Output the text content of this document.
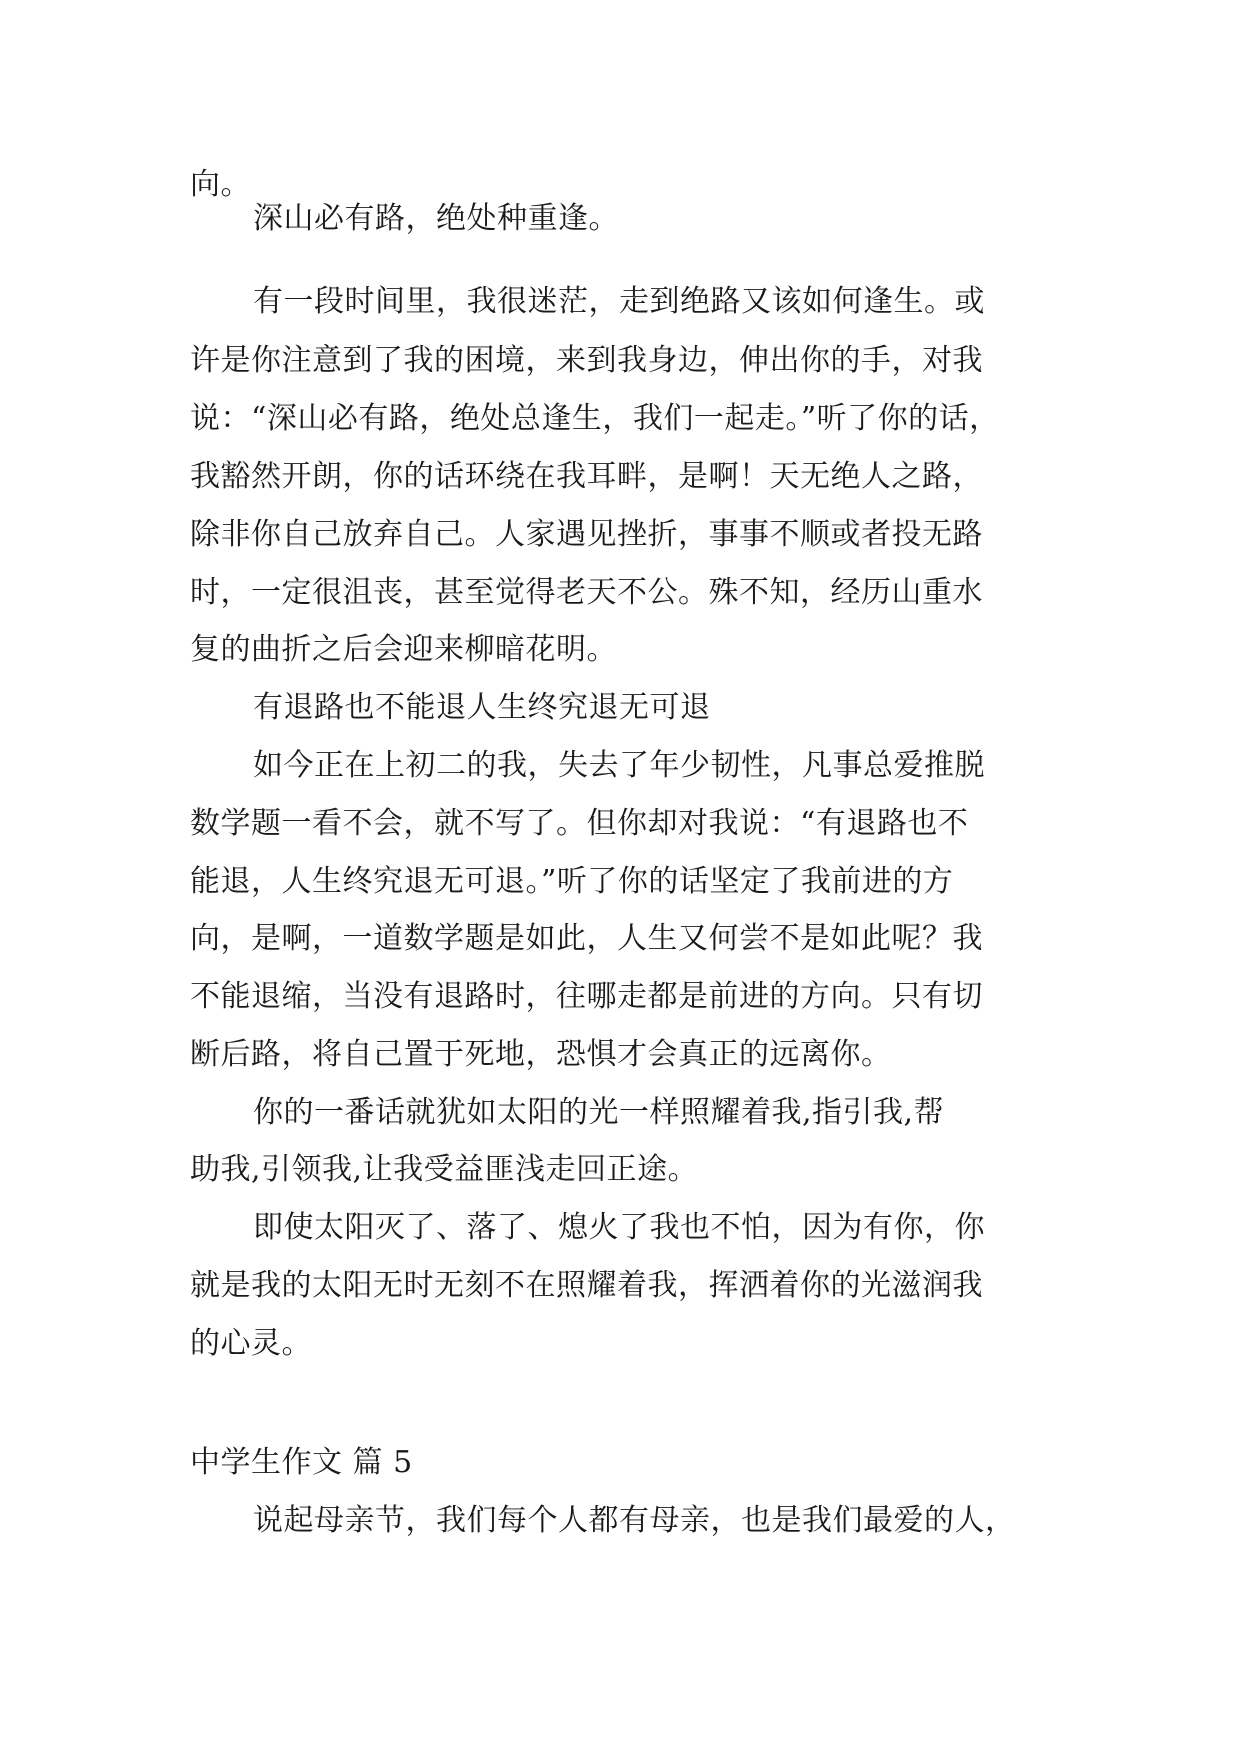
向。

深山必有路，绝处种重逢。

有一段时间里，我很迷茫，走到绝路又该如何逢生。或

许是你注意到了我的困境，来到我身边，伸出你的手，对我

说：“深山必有路，绝处总逢生，我们一起走。”听了你的话，

我豁然开朗，你的话环绕在我耳畔，是啊！天无绝人之路，

除非你自己放弃自己。人家遇见挫折，事事不顺或者投无路

时，一定很沮丧，甚至觉得老天不公。殊不知，经历山重水

复的曲折之后会迎来柳暗花明。

有退路也不能退人生终究退无可退

如今正在上初二的我，失去了年少韧性，凡事总爱推脱

数学题一看不会，就不写了。但你却对我说：“有退路也不

能退，人生终究退无可退。”听了你的话坚定了我前进的方

向，是啊，一道数学题是如此，人生又何尝不是如此呢？我

不能退缩，当没有退路时，往哪走都是前进的方向。只有切

断后路，将自己置于死地，恐惧才会真正的远离你。

你的一番话就犹如太阳的光一样照耀着我,指引我,帮

助我,引领我,让我受益匪浅走回正途。

即使太阳灭了、落了、熄火了我也不怕，因为有你，你

就是我的太阳无时无刻不在照耀着我，挥洒着你的光滋润我

的心灵。

中学生作文 篇 5

说起母亲节，我们每个人都有母亲，也是我们最爱的人，
